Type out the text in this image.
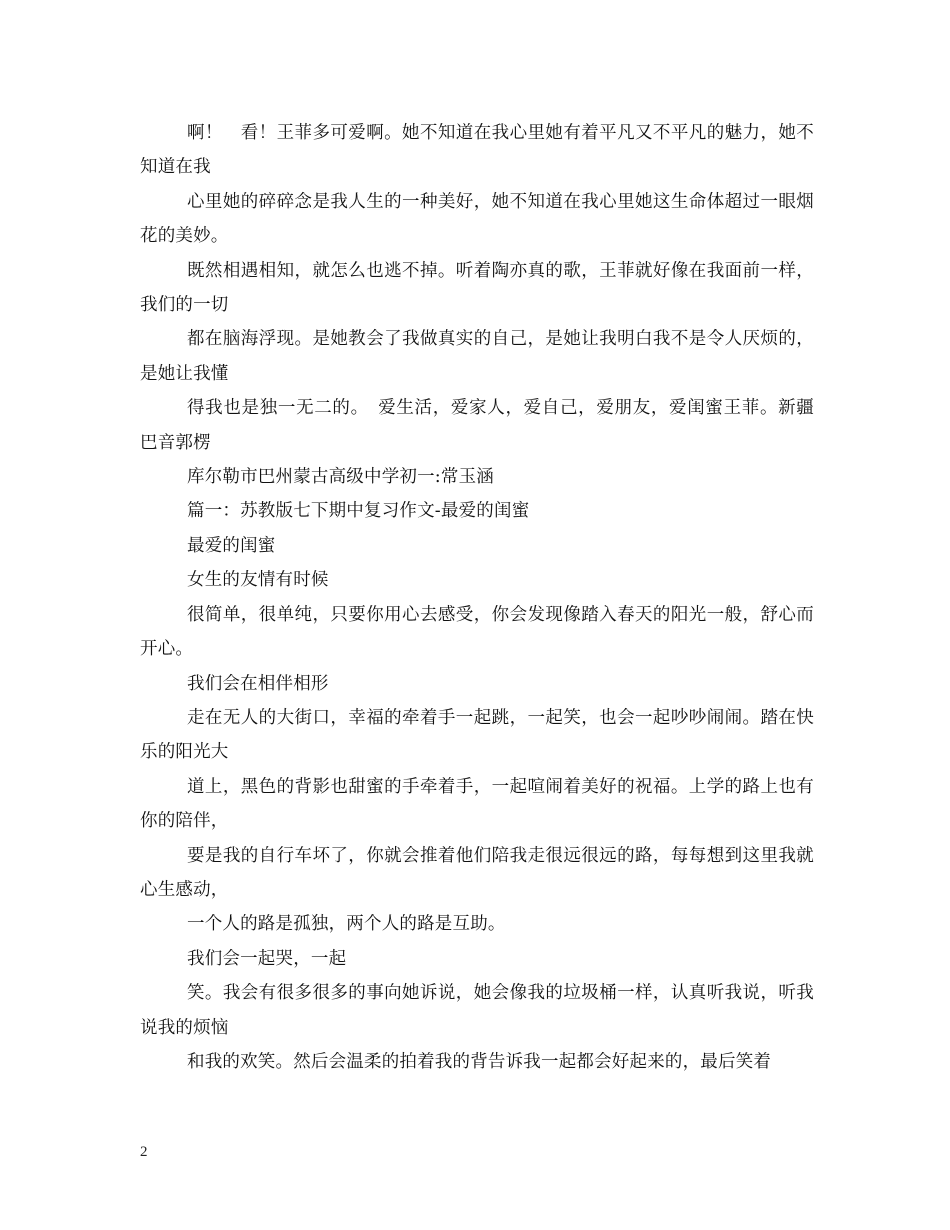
啊！　看！王菲多可爱啊。她不知道在我心里她有着平凡又不平凡的魅力，她不知道在我

心里她的碎碎念是我人生的一种美好，她不知道在我心里她这生命体超过一眼烟花的美妙。

既然相遇相知，就怎么也逃不掉。听着陶亦真的歌，王菲就好像在我面前一样，我们的一切

都在脑海浮现。是她教会了我做真实的自己，是她让我明白我不是令人厌烦的，是她让我懂

得我也是独一无二的。　爱生活，爱家人，爱自己，爱朋友，爱闺蜜王菲。新疆巴音郭楞

库尔勒市巴州蒙古高级中学初一:常玉涵

篇一：苏教版七下期中复习作文-最爱的闺蜜

最爱的闺蜜

女生的友情有时候

很简单，很单纯，只要你用心去感受，你会发现像踏入春天的阳光一般，舒心而开心。

我们会在相伴相形

走在无人的大街口，幸福的牵着手一起跳，一起笑，也会一起吵吵闹闹。踏在快乐的阳光大

道上，黑色的背影也甜蜜的手牵着手，一起喧闹着美好的祝福。上学的路上也有你的陪伴，

要是我的自行车坏了，你就会推着他们陪我走很远很远的路，每每想到这里我就心生感动，

一个人的路是孤独，两个人的路是互助。

我们会一起哭，一起

笑。我会有很多很多的事向她诉说，她会像我的垃圾桶一样，认真听我说，听我说我的烦恼

和我的欢笑。然后会温柔的拍着我的背告诉我一起都会好起来的，最后笑着

2
